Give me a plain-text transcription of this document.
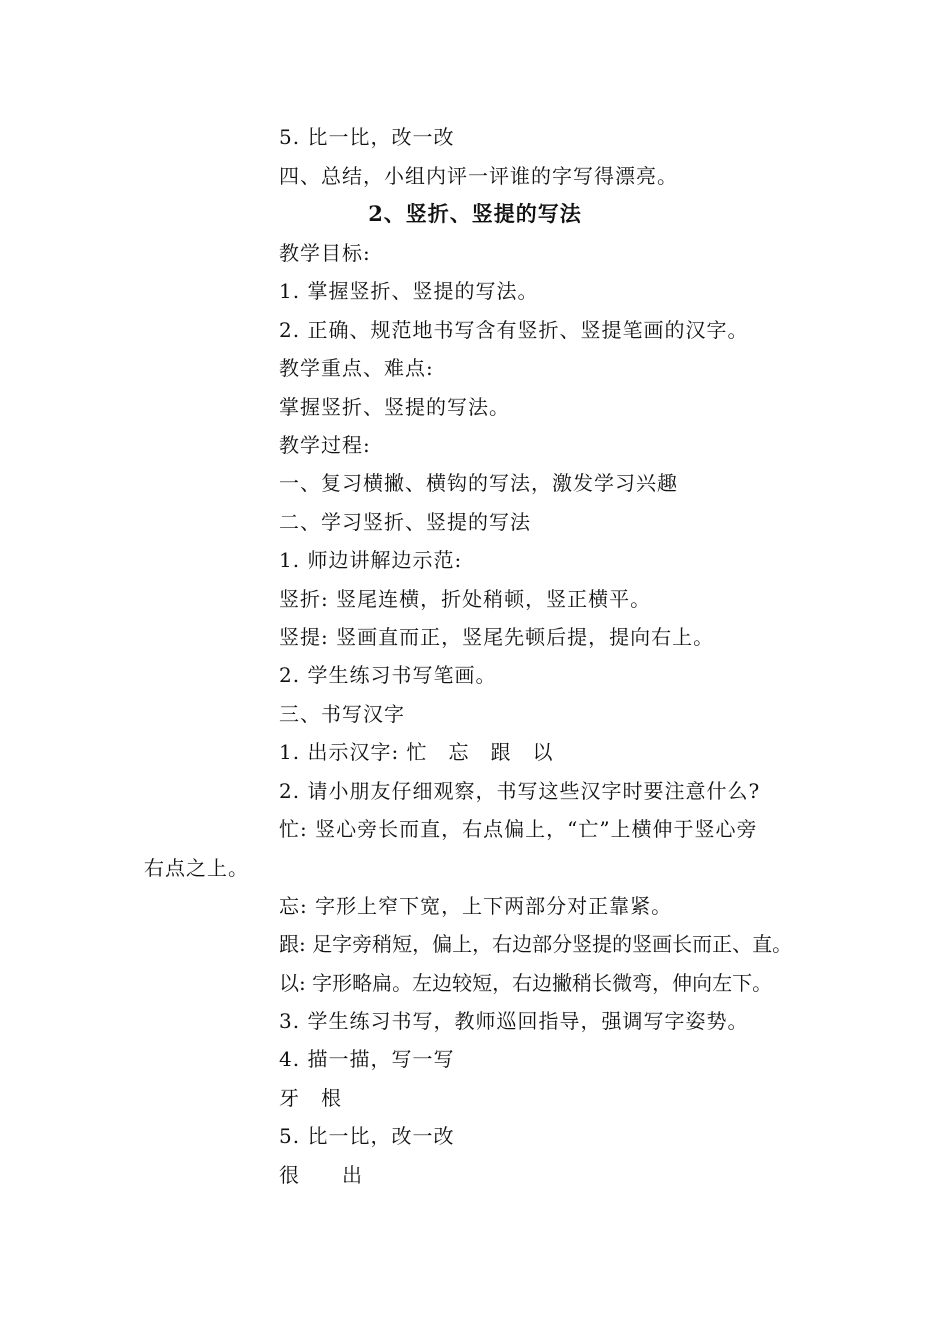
5. 比一比，改一改
四、总结，小组内评一评谁的字写得漂亮。
2、竖折、竖提的写法
教学目标:
1. 掌握竖折、竖提的写法。
2. 正确、规范地书写含有竖折、竖提笔画的汉字。
教学重点、难点:
掌握竖折、竖提的写法。
教学过程:
一、复习横撇、横钩的写法，激发学习兴趣
二、学习竖折、竖提的写法
1. 师边讲解边示范:
竖折: 竖尾连横，折处稍顿，竖正横平。
竖提: 竖画直而正，竖尾先顿后提，提向右上。
2. 学生练习书写笔画。
三、书写汉字
1. 出示汉字: 忙　忘　跟　以
2. 请小朋友仔细观察，书写这些汉字时要注意什么?
忙: 竖心旁长而直，右点偏上，“亡”上横伸于竖心旁
右点之上。
忘: 字形上窄下宽，上下两部分对正靠紧。
跟: 足字旁稍短，偏上，右边部分竖提的竖画长而正、直。
以: 字形略扁。左边较短，右边撇稍长微弯，伸向左下。
3. 学生练习书写，教师巡回指导，强调写字姿势。
4. 描一描，写一写
牙　根
5. 比一比，改一改
很　　出
